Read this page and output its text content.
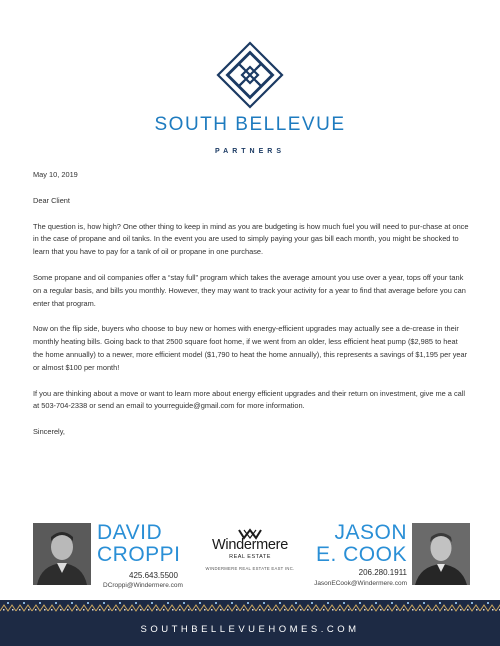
SOUTH BELLEVUE
PARTNERS

May 10, 2019

Dear Client

The question is, how high? One other thing to keep in mind as you are budgeting is how much fuel you will need to pur-chase at once in the case of propane and oil tanks. In the event you are used to simply paying your gas bill each month, you might be shocked to learn that you have to pay for a tank of oil or propane in one purchase.

Some propane and oil companies offer a “stay full” program which takes the average amount you use over a year, tops off your tank on a regular basis, and bills you monthly. However, they may want to track your activity for a year to find that average before you can enter that program.

Now on the flip side, buyers who choose to buy new or homes with energy-efficient upgrades may actually see a de-crease in their monthly heating bills. Going back to that 2500 square foot home, if we went from an older, less efficient heat pump ($2,985 to heat the home annually) to a newer, more efficient model ($1,790 to heat the home annually), this represents a savings of $1,195 per year or almost $100 per month!

If you are thinking about a move or want to learn more about energy efficient upgrades and their return on investment, give me a call at 503-704-2338 or send an email to yourreguide@gmail.com for more information.

Sincerely,

DAVID
CROPPI
425.643.5500
DCroppi@Windermere.com
Windermere
REAL ESTATE
WINDERMERE REAL ESTATE EAST INC.
JASON
E. COOK
206.280.1911
JasonECook@Windermere.com
SOUTHBELLEVUEHOMES.COM
